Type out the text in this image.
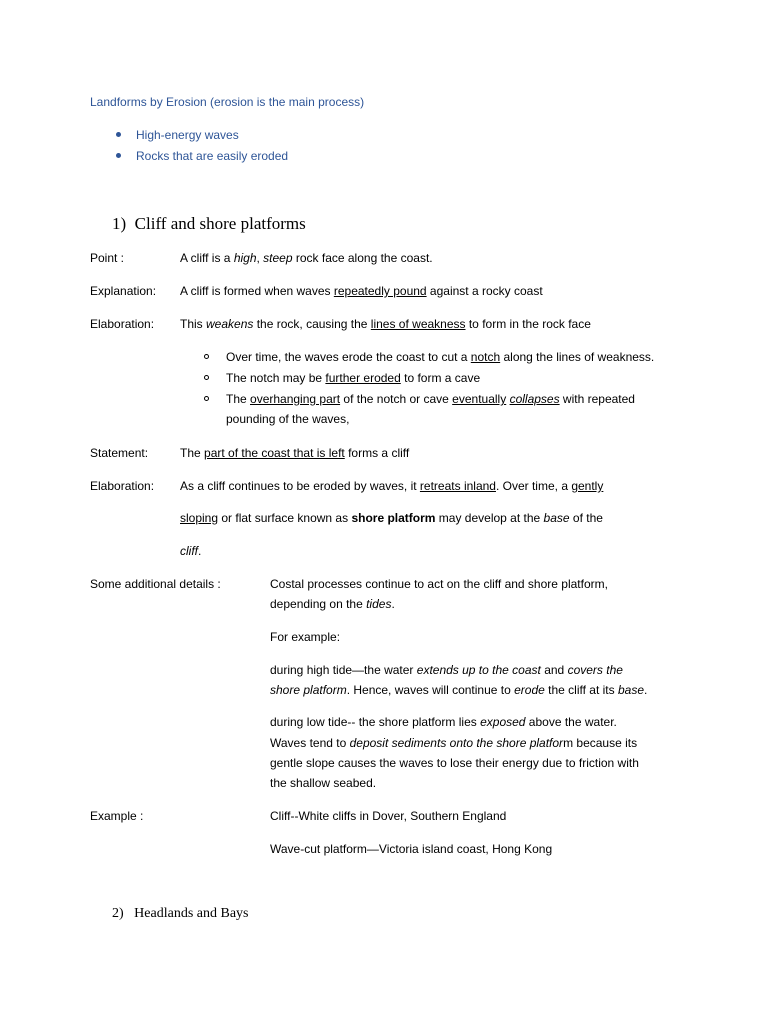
Landforms by Erosion (erosion is the main process)
High-energy waves
Rocks that are easily eroded
1) Cliff and shore platforms
Point :	A cliff is a high, steep rock face along the coast.
Explanation: A cliff is formed when waves repeatedly pound against a rocky coast
Elaboration: This weakens the rock, causing the lines of weakness to form in the rock face
Over time, the waves erode the coast to cut a notch along the lines of weakness.
The notch may be further eroded to form a cave
The overhanging part of the notch or cave eventually collapses with repeated
pounding of the waves,
Statement:	The part of the coast that is left forms a cliff
Elaboration: As a cliff continues to be eroded by waves, it retreats inland. Over time, a gently
sloping or flat surface known as shore platform may develop at the base of the
cliff.
Some additional details :	Costal processes continue to act on the cliff and shore platform,
depending on the tides.
For example:
during high tide—the water extends up to the coast and covers the
shore platform. Hence, waves will continue to erode the cliff at its base.
during low tide-- the shore platform lies exposed above the water.
Waves tend to deposit sediments onto the shore platform because its
gentle slope causes the waves to lose their energy due to friction with
the shallow seabed.
Example :	Cliff--White cliffs in Dover, Southern England
Wave-cut platform—Victoria island coast, Hong Kong
2) Headlands and Bays
